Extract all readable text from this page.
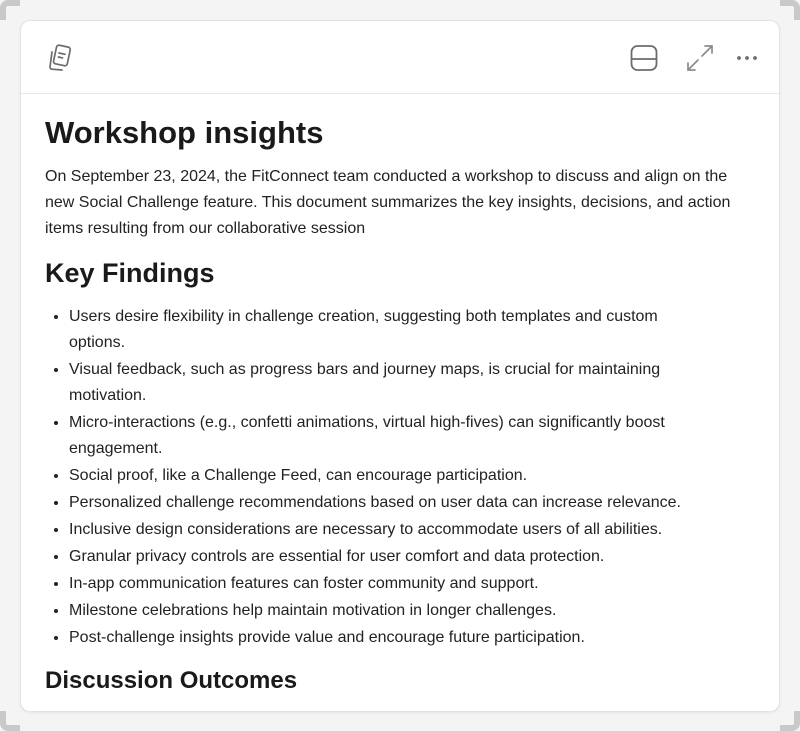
Workshop insights

On September 23, 2024, the FitConnect team conducted a workshop to discuss and align on the new Social Challenge feature. This document summarizes the key insights, decisions, and action items resulting from our collaborative session

Key Findings
• Users desire flexibility in challenge creation, suggesting both templates and custom options.
• Visual feedback, such as progress bars and journey maps, is crucial for maintaining motivation.
• Micro-interactions (e.g., confetti animations, virtual high-fives) can significantly boost engagement.
• Social proof, like a Challenge Feed, can encourage participation.
• Personalized challenge recommendations based on user data can increase relevance.
• Inclusive design considerations are necessary to accommodate users of all abilities.
• Granular privacy controls are essential for user comfort and data protection.
• In-app communication features can foster community and support.
• Milestone celebrations help maintain motivation in longer challenges.
• Post-challenge insights provide value and encourage future participation.
Discussion Outcomes
